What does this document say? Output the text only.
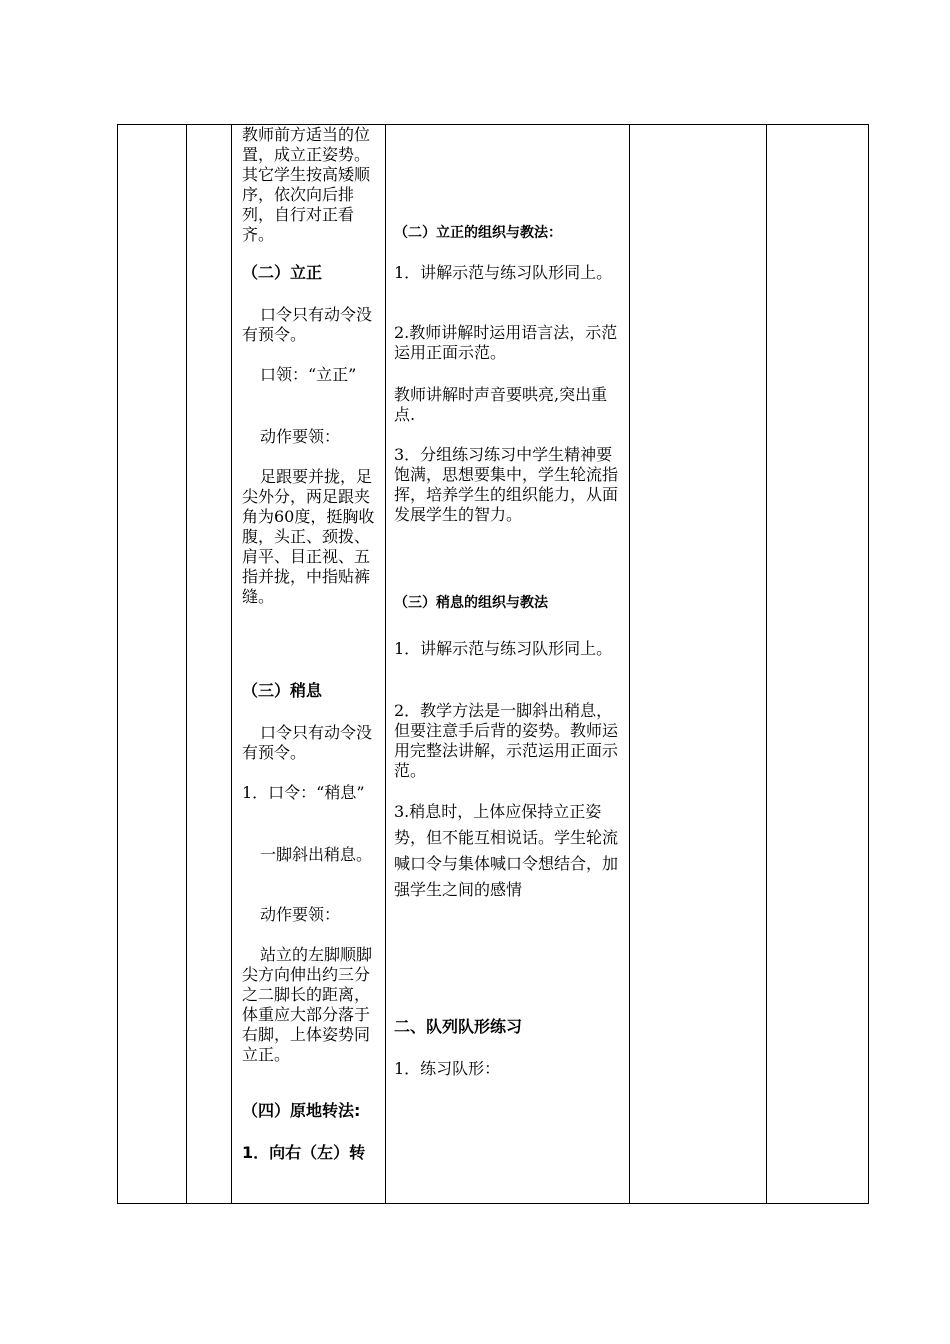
教师前方适当的位置，成立正姿势。其它学生按高矮顺序，依次向后排列，自行对正看齐。

（二）立正

口令只有动令没有预令。

口领：“立正”

动作要领：

足跟要并拢，足尖外分，两足跟夹角为60度，挺胸收腹，头正、颈拨、肩平、目正视、五指并拢，中指贴裤缝。

（三）稍息

口令只有动令没有预令。

1．口令：“稍息”

一脚斜出稍息。

动作要领：

站立的左脚顺脚尖方向伸出约三分之二脚长的距离，体重应大部分落于右脚，上体姿势同立正。

（四）原地转法:

1．向右（左）转

（二）立正的组织与教法：

1．讲解示范与练习队形同上。

2.教师讲解时运用语言法，示范运用正面示范。

教师讲解时声音要哄亮,突出重点.

3．分组练习练习中学生精神要饱满，思想要集中，学生轮流指挥，培养学生的组织能力，从面发展学生的智力。

（三）稍息的组织与教法

1．讲解示范与练习队形同上。

2．教学方法是一脚斜出稍息，但要注意手后背的姿势。教师运用完整法讲解，示范运用正面示范。

3.稍息时，上体应保持立正姿势，但不能互相说话。学生轮流喊口令与集体喊口令想结合，加强学生之间的感情

二、队列队形练习

1．练习队形：
